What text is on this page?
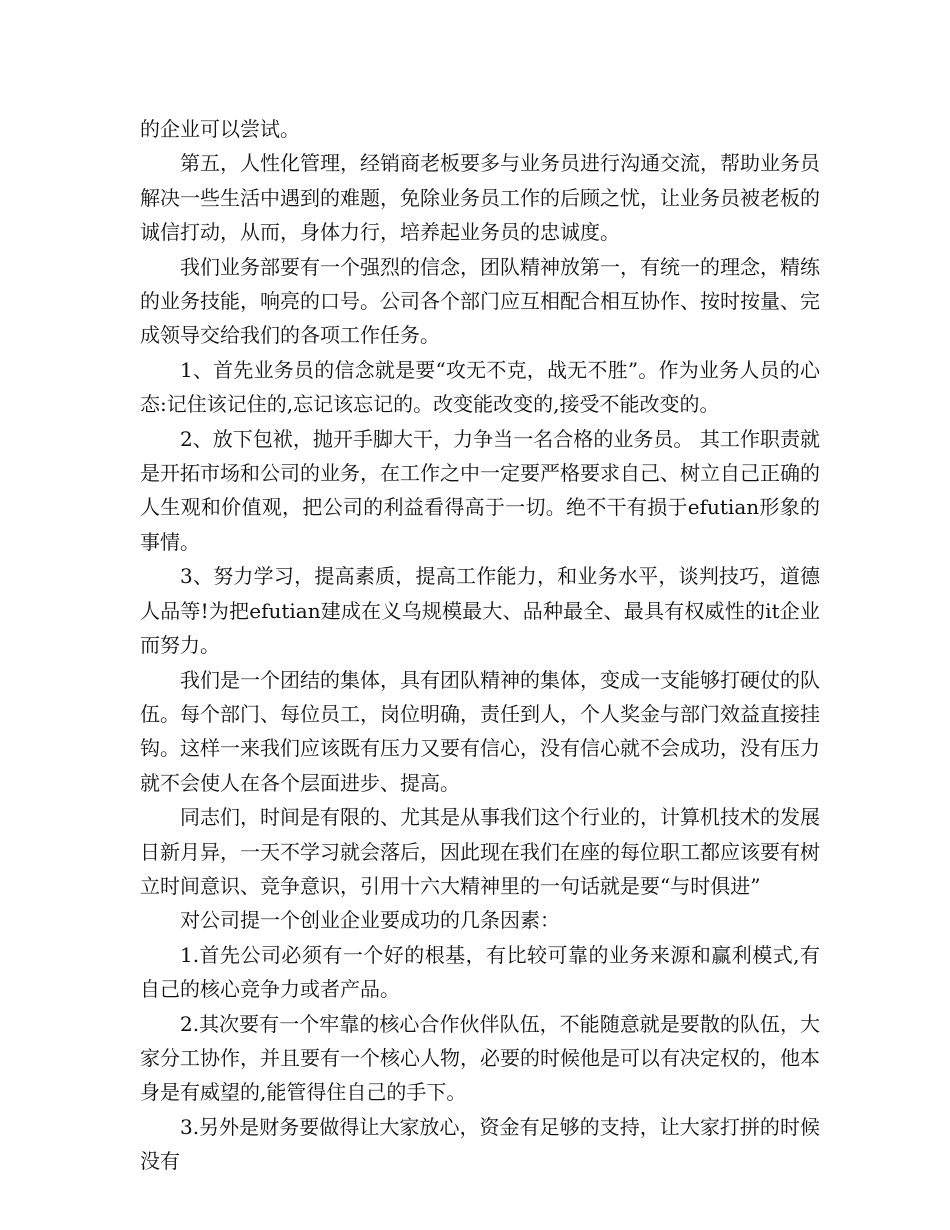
的企业可以尝试。

第五，人性化管理，经销商老板要多与业务员进行沟通交流，帮助业务员解决一些生活中遇到的难题，免除业务员工作的后顾之忧，让业务员被老板的诚信打动，从而，身体力行，培养起业务员的忠诚度。

我们业务部要有一个强烈的信念，团队精神放第一，有统一的理念，精练的业务技能，响亮的口号。公司各个部门应互相配合相互协作、按时按量、完成领导交给我们的各项工作任务。

1、首先业务员的信念就是要“攻无不克，战无不胜”。作为业务人员的心态:记住该记住的,忘记该忘记的。改变能改变的,接受不能改变的。

2、放下包袱，抛开手脚大干，力争当一名合格的业务员。 其工作职责就是开拓市场和公司的业务，在工作之中一定要严格要求自己、树立自己正确的人生观和价值观，把公司的利益看得高于一切。绝不干有损于efutian形象的事情。

3、努力学习，提高素质，提高工作能力，和业务水平，谈判技巧，道德人品等!为把efutian建成在义乌规模最大、品种最全、最具有权威性的it企业而努力。

我们是一个团结的集体，具有团队精神的集体，变成一支能够打硬仗的队伍。每个部门、每位员工，岗位明确，责任到人，个人奖金与部门效益直接挂钩。这样一来我们应该既有压力又要有信心，没有信心就不会成功，没有压力就不会使人在各个层面进步、提高。

同志们，时间是有限的、尤其是从事我们这个行业的，计算机技术的发展日新月异，一天不学习就会落后，因此现在我们在座的每位职工都应该要有树立时间意识、竞争意识，引用十六大精神里的一句话就是要“与时俱进”

对公司提一个创业企业要成功的几条因素：

1.首先公司必须有一个好的根基，有比较可靠的业务来源和赢利模式,有自己的核心竞争力或者产品。

2.其次要有一个牢靠的核心合作伙伴队伍，不能随意就是要散的队伍，大家分工协作，并且要有一个核心人物，必要的时候他是可以有决定权的，他本身是有威望的,能管得住自己的手下。

3.另外是财务要做得让大家放心，资金有足够的支持，让大家打拼的时候没有
